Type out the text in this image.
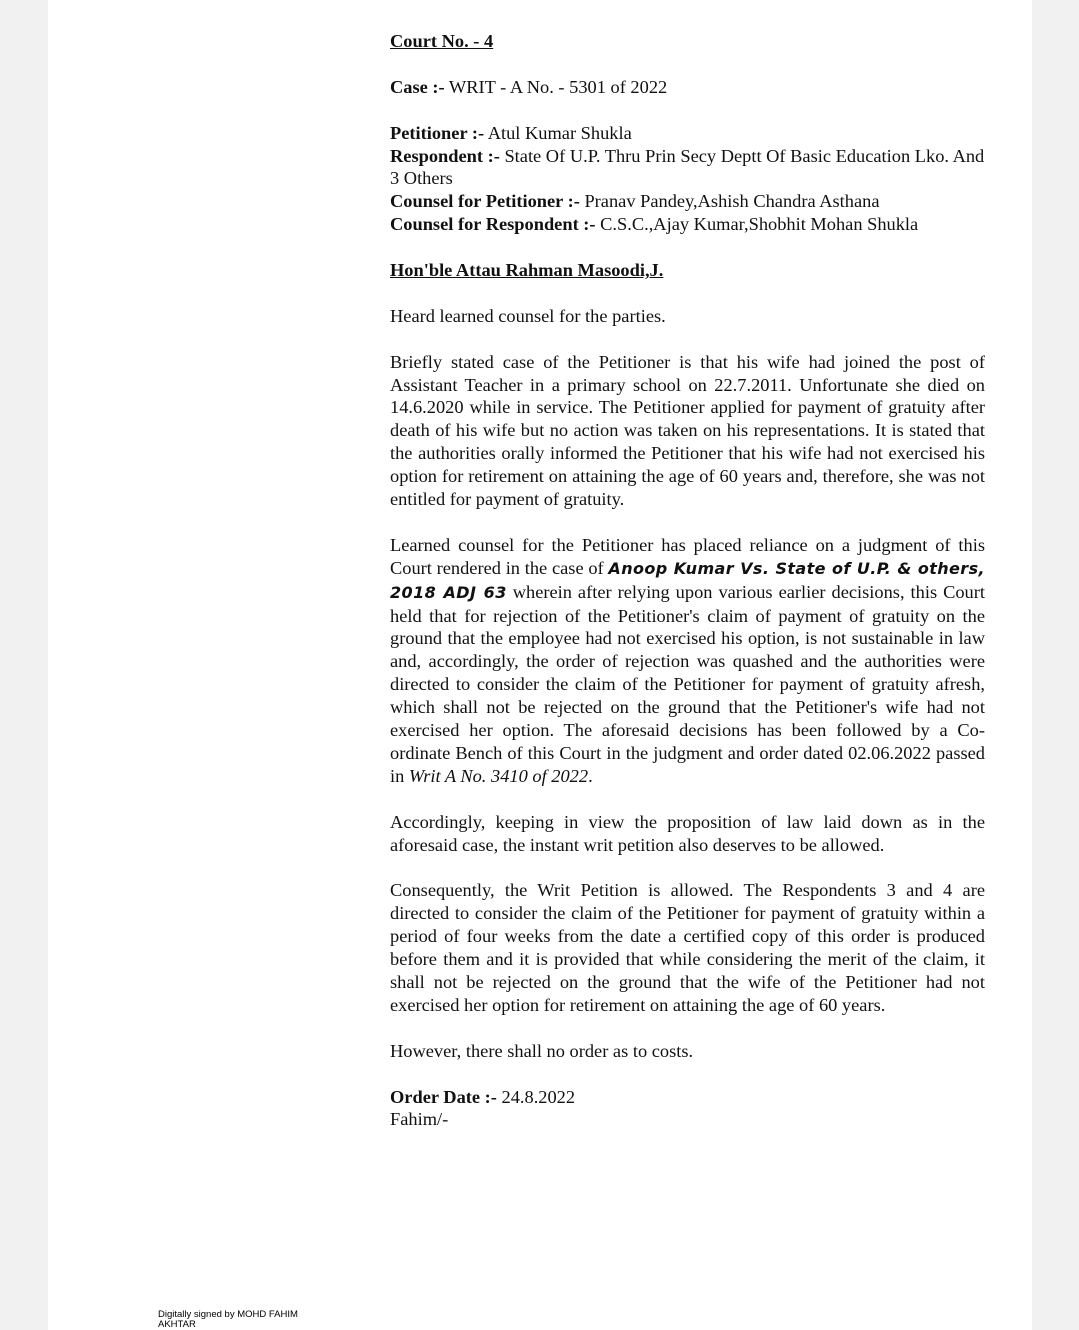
Court No. - 4

Case :- WRIT - A No. - 5301 of 2022

Petitioner :- Atul Kumar Shukla
Respondent :- State Of U.P. Thru Prin Secy Deptt Of Basic Education Lko. And 3 Others
Counsel for Petitioner :- Pranav Pandey,Ashish Chandra Asthana
Counsel for Respondent :- C.S.C.,Ajay Kumar,Shobhit Mohan Shukla

Hon'ble Attau Rahman Masoodi,J.

Heard learned counsel for the parties.

Briefly stated case of the Petitioner is that his wife had joined the post of Assistant Teacher in a primary school on 22.7.2011. Unfortunate she died on 14.6.2020 while in service. The Petitioner applied for payment of gratuity after death of his wife but no action was taken on his representations. It is stated that the authorities orally informed the Petitioner that his wife had not exercised his option for retirement on attaining the age of 60 years and, therefore, she was not entitled for payment of gratuity.

Learned counsel for the Petitioner has placed reliance on a judgment of this Court rendered in the case of Anoop Kumar Vs. State of U.P. & others, 2018 ADJ 63 wherein after relying upon various earlier decisions, this Court held that for rejection of the Petitioner's claim of payment of gratuity on the ground that the employee had not exercised his option, is not sustainable in law and, accordingly, the order of rejection was quashed and the authorities were directed to consider the claim of the Petitioner for payment of gratuity afresh, which shall not be rejected on the ground that the Petitioner's wife had not exercised her option. The aforesaid decisions has been followed by a Co-ordinate Bench of this Court in the judgment and order dated 02.06.2022 passed in Writ A No. 3410 of 2022.

Accordingly, keeping in view the proposition of law laid down as in the aforesaid case, the instant writ petition also deserves to be allowed.

Consequently, the Writ Petition is allowed. The Respondents 3 and 4 are directed to consider the claim of the Petitioner for payment of gratuity within a period of four weeks from the date a certified copy of this order is produced before them and it is provided that while considering the merit of the claim, it shall not be rejected on the ground that the wife of the Petitioner had not exercised her option for retirement on attaining the age of 60 years.

However, there shall no order as to costs.

Order Date :- 24.8.2022
Fahim/-

Digitally signed by MOHD FAHIM AKHTAR
